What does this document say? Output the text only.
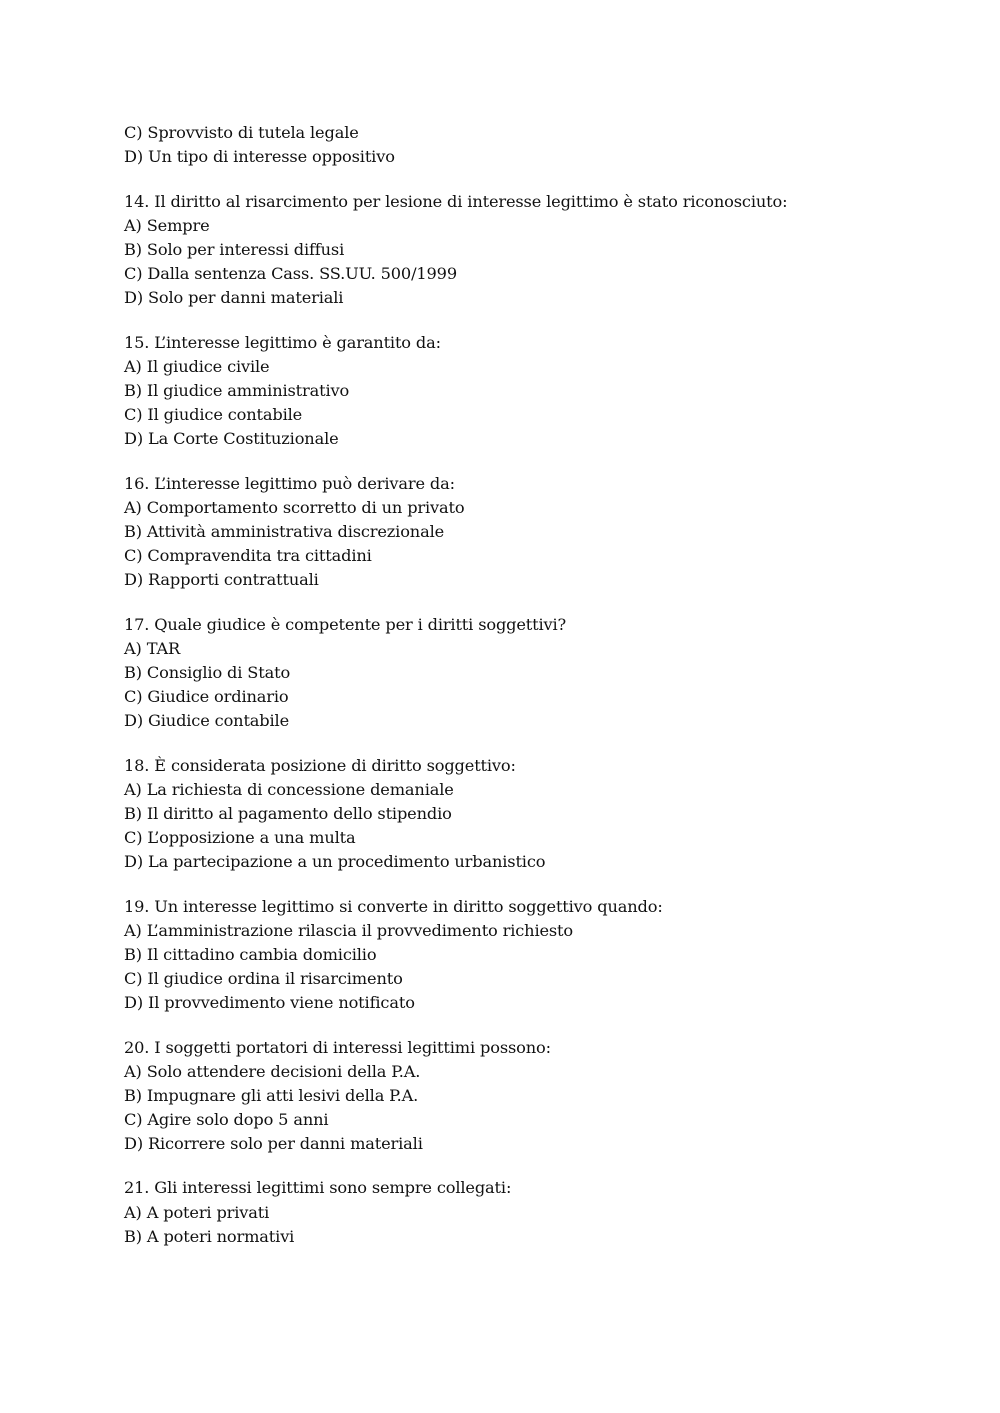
C) Sprovvisto di tutela legale
D) Un tipo di interesse oppositivo
14. Il diritto al risarcimento per lesione di interesse legittimo è stato riconosciuto:
A) Sempre
B) Solo per interessi diffusi
C) Dalla sentenza Cass. SS.UU. 500/1999
D) Solo per danni materiali
15. L’interesse legittimo è garantito da:
A) Il giudice civile
B) Il giudice amministrativo
C) Il giudice contabile
D) La Corte Costituzionale
16. L’interesse legittimo può derivare da:
A) Comportamento scorretto di un privato
B) Attività amministrativa discrezionale
C) Compravendita tra cittadini
D) Rapporti contrattuali
17. Quale giudice è competente per i diritti soggettivi?
A) TAR
B) Consiglio di Stato
C) Giudice ordinario
D) Giudice contabile
18. È considerata posizione di diritto soggettivo:
A) La richiesta di concessione demaniale
B) Il diritto al pagamento dello stipendio
C) L’opposizione a una multa
D) La partecipazione a un procedimento urbanistico
19. Un interesse legittimo si converte in diritto soggettivo quando:
A) L’amministrazione rilascia il provvedimento richiesto
B) Il cittadino cambia domicilio
C) Il giudice ordina il risarcimento
D) Il provvedimento viene notificato
20. I soggetti portatori di interessi legittimi possono:
A) Solo attendere decisioni della P.A.
B) Impugnare gli atti lesivi della P.A.
C) Agire solo dopo 5 anni
D) Ricorrere solo per danni materiali
21. Gli interessi legittimi sono sempre collegati:
A) A poteri privati
B) A poteri normativi
